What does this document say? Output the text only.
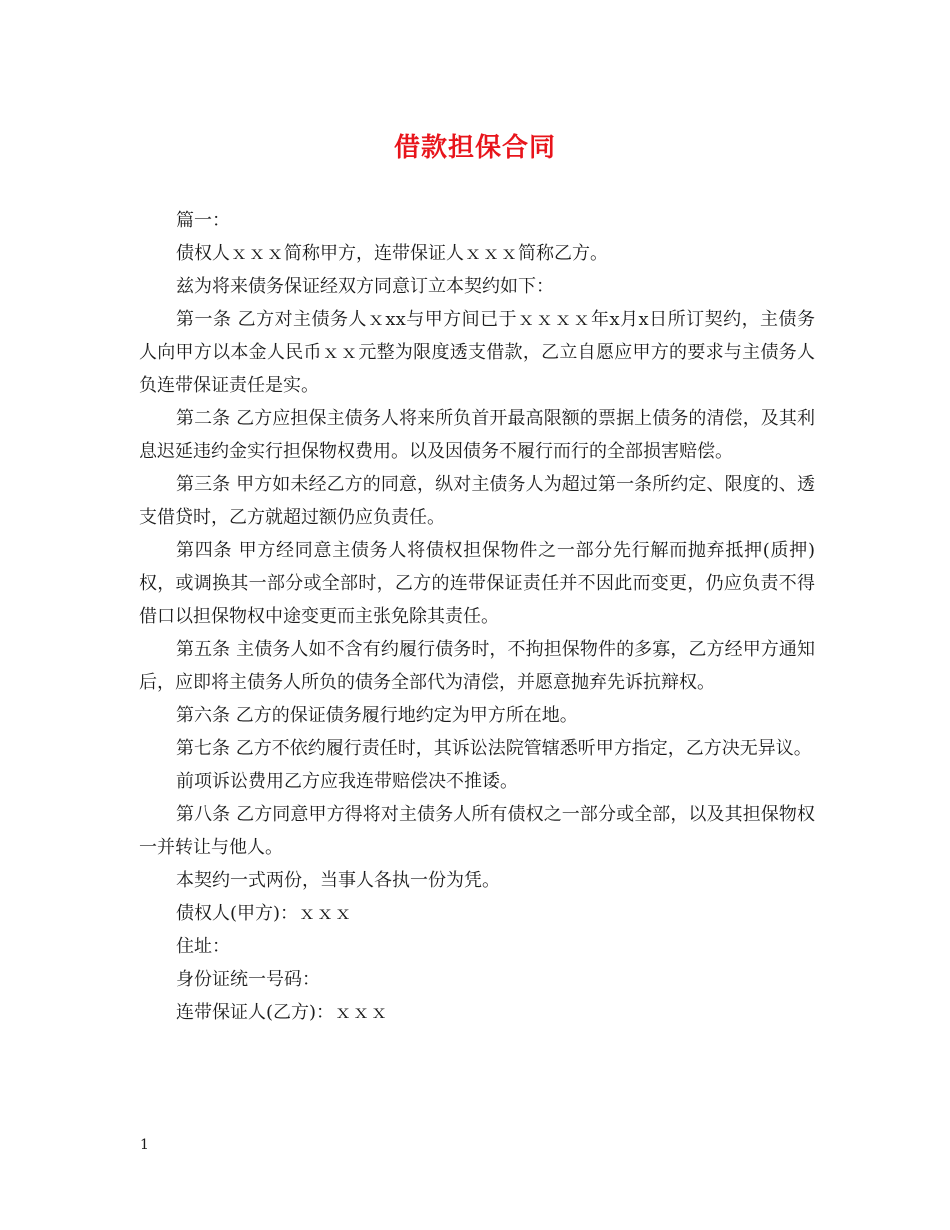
借款担保合同

篇一：

债权人ｘｘｘ简称甲方，连带保证人ｘｘｘ简称乙方。

兹为将来债务保证经双方同意订立本契约如下：

第一条 乙方对主债务人ｘxx与甲方间已于ｘｘｘｘ年x月x日所订契约，主债务人向甲方以本金人民币ｘｘ元整为限度透支借款，乙立自愿应甲方的要求与主债务人负连带保证责任是实。

第二条 乙方应担保主债务人将来所负首开最高限额的票据上债务的清偿，及其利息迟延违约金实行担保物权费用。以及因债务不履行而行的全部损害赔偿。

第三条 甲方如未经乙方的同意，纵对主债务人为超过第一条所约定、限度的、透支借贷时，乙方就超过额仍应负责任。

第四条 甲方经同意主债务人将债权担保物件之一部分先行解而抛弃抵押(质押)权，或调换其一部分或全部时，乙方的连带保证责任并不因此而变更，仍应负责不得借口以担保物权中途变更而主张免除其责任。

第五条 主债务人如不含有约履行债务时，不拘担保物件的多寡，乙方经甲方通知后，应即将主债务人所负的债务全部代为清偿，并愿意抛弃先诉抗辩权。

第六条 乙方的保证债务履行地约定为甲方所在地。

第七条 乙方不依约履行责任时，其诉讼法院管辖悉听甲方指定，乙方决无异议。

前项诉讼费用乙方应我连带赔偿决不推诿。

第八条 乙方同意甲方得将对主债务人所有债权之一部分或全部，以及其担保物权一并转让与他人。

本契约一式两份，当事人各执一份为凭。

债权人(甲方)：ｘｘｘ

住址：

身份证统一号码：

连带保证人(乙方)：ｘｘｘ

1
